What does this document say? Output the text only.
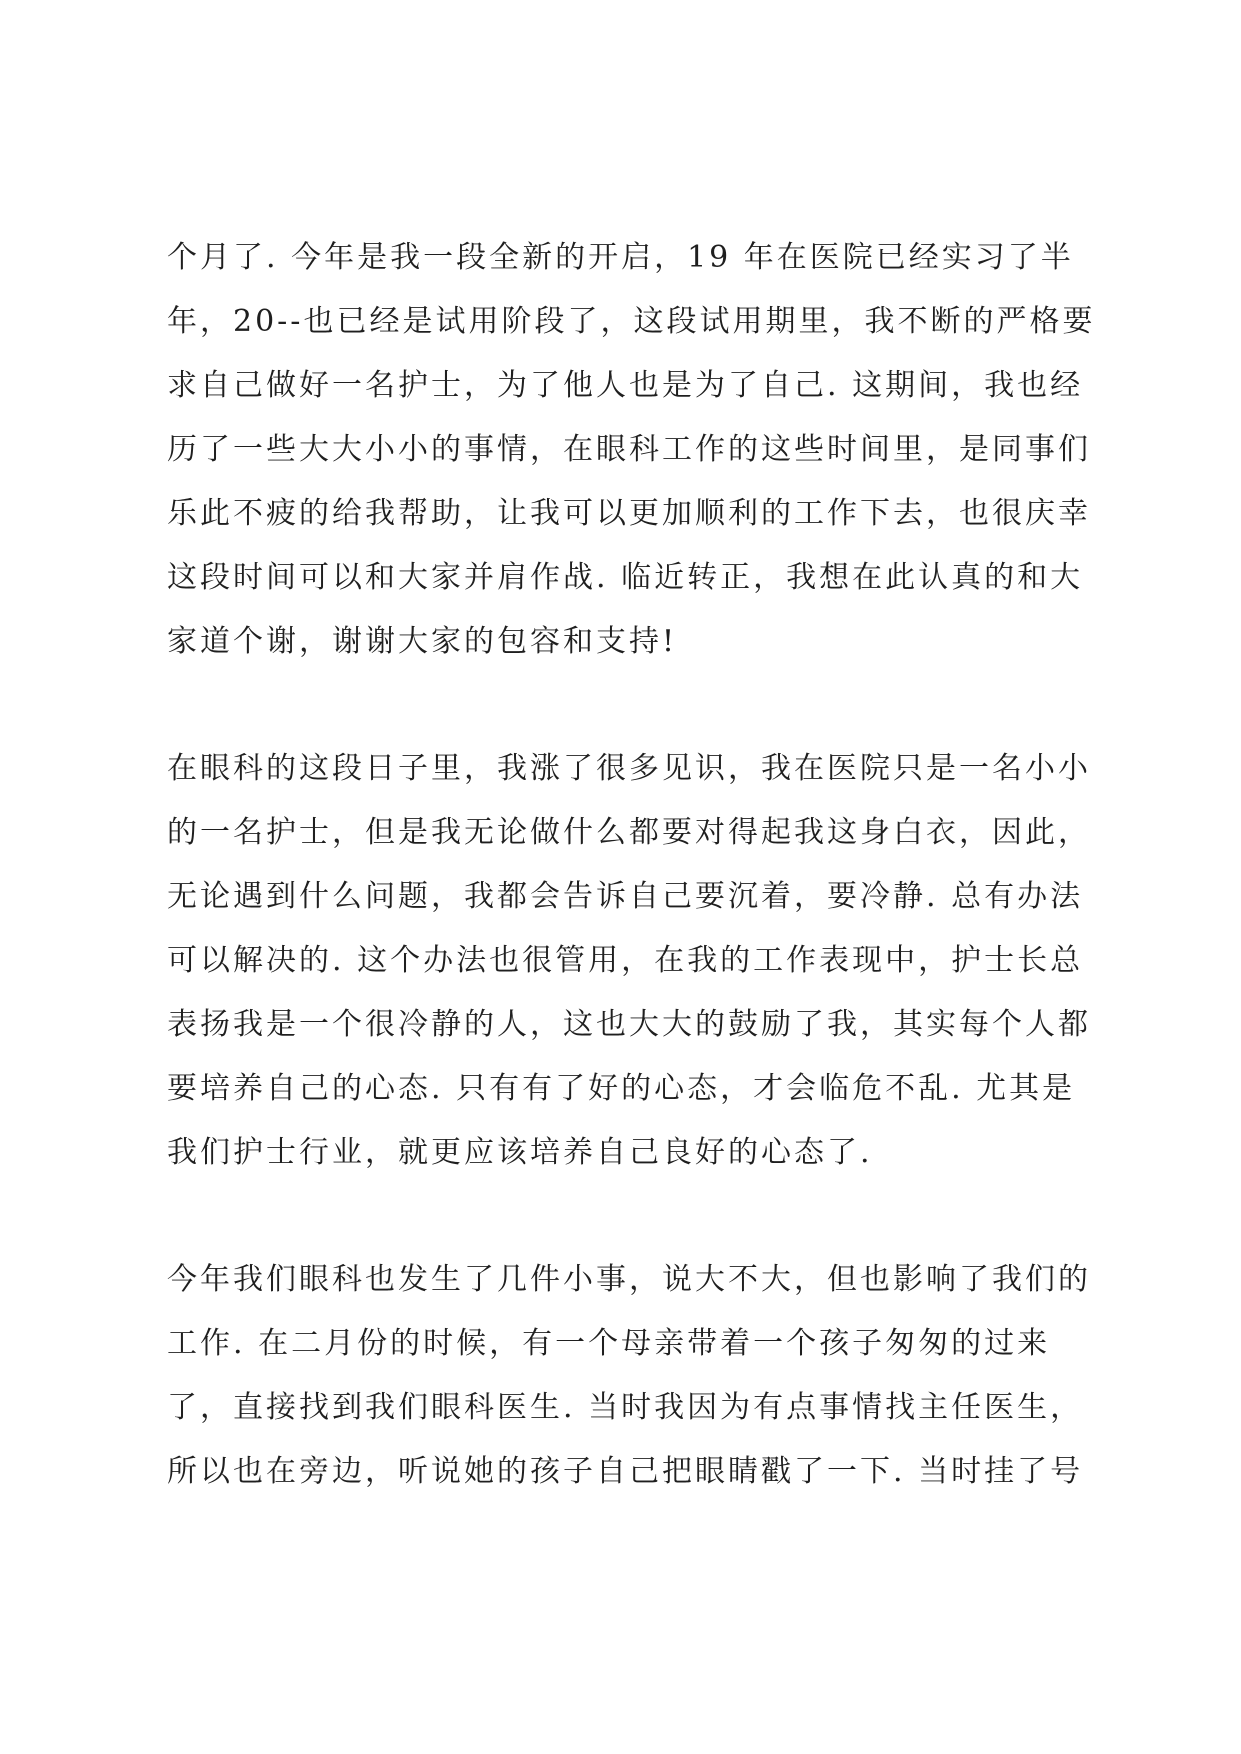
个月了. 今年是我一段全新的开启，19 年在医院已经实习了半
年，20--也已经是试用阶段了，这段试用期里，我不断的严格要
求自己做好一名护士，为了他人也是为了自己. 这期间，我也经
历了一些大大小小的事情，在眼科工作的这些时间里，是同事们
乐此不疲的给我帮助，让我可以更加顺利的工作下去，也很庆幸
这段时间可以和大家并肩作战. 临近转正，我想在此认真的和大
家道个谢，谢谢大家的包容和支持!
在眼科的这段日子里，我涨了很多见识，我在医院只是一名小小
的一名护士，但是我无论做什么都要对得起我这身白衣，因此，
无论遇到什么问题，我都会告诉自己要沉着，要冷静. 总有办法
可以解决的. 这个办法也很管用，在我的工作表现中，护士长总
表扬我是一个很冷静的人，这也大大的鼓励了我，其实每个人都
要培养自己的心态. 只有有了好的心态，才会临危不乱. 尤其是
我们护士行业，就更应该培养自己良好的心态了.
今年我们眼科也发生了几件小事，说大不大，但也影响了我们的
工作. 在二月份的时候，有一个母亲带着一个孩子匆匆的过来
了，直接找到我们眼科医生. 当时我因为有点事情找主任医生，
所以也在旁边，听说她的孩子自己把眼睛戳了一下. 当时挂了号
